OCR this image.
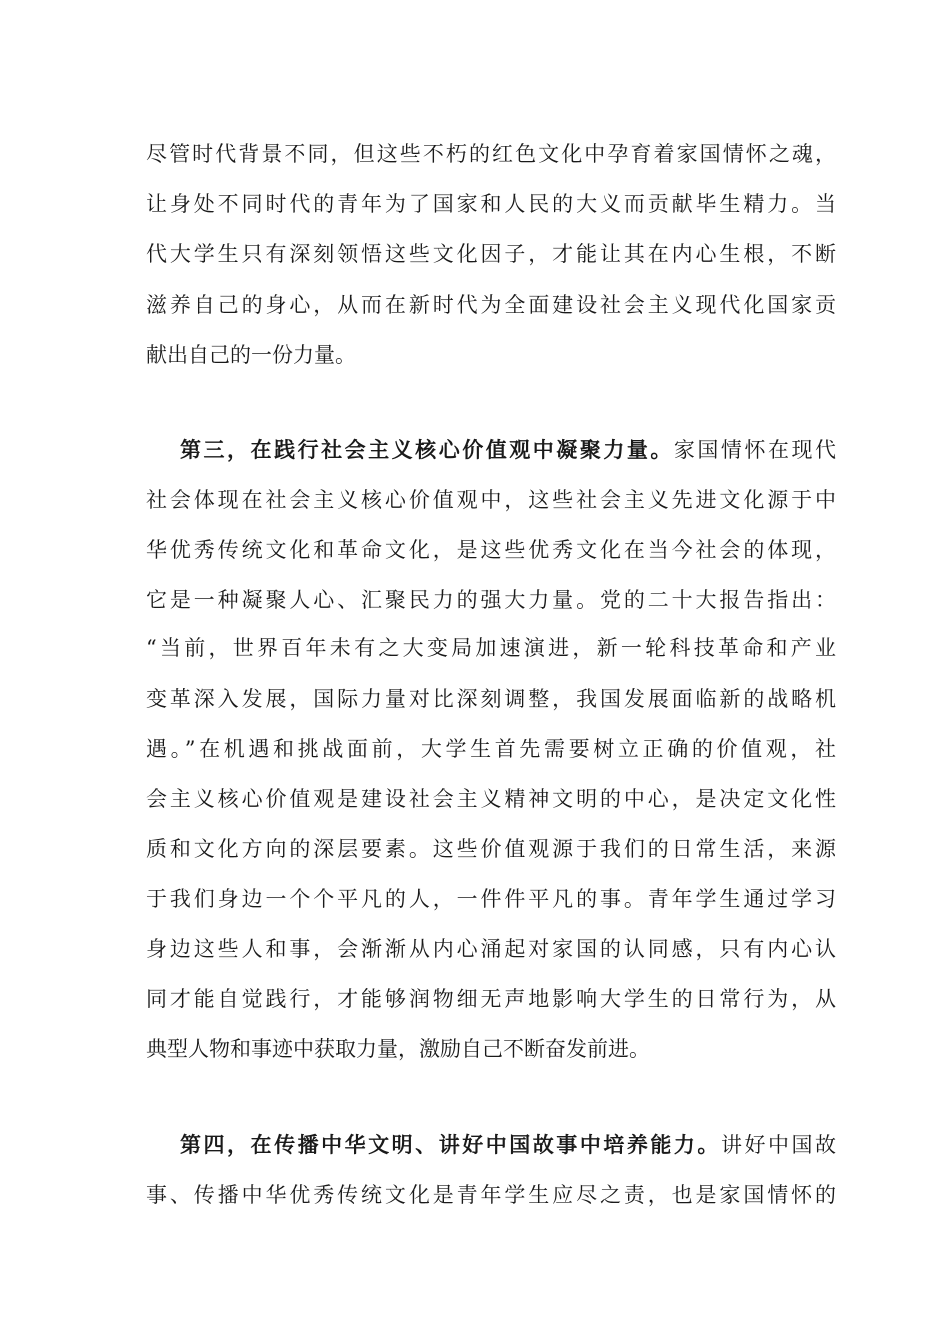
尽管时代背景不同，但这些不朽的红色文化中孕育着家国情怀之魂，
让身处不同时代的青年为了国家和人民的大义而贡献毕生精力。当
代大学生只有深刻领悟这些文化因子，才能让其在内心生根，不断
滋养自己的身心，从而在新时代为全面建设社会主义现代化国家贡
献出自己的一份力量。
第三，在践行社会主义核心价值观中凝聚力量。家国情怀在现代
社会体现在社会主义核心价值观中，这些社会主义先进文化源于中
华优秀传统文化和革命文化，是这些优秀文化在当今社会的体现，
它是一种凝聚人心、汇聚民力的强大力量。党的二十大报告指出：
“当前，世界百年未有之大变局加速演进，新一轮科技革命和产业
变革深入发展，国际力量对比深刻调整，我国发展面临新的战略机
遇。”在机遇和挑战面前，大学生首先需要树立正确的价值观，社
会主义核心价值观是建设社会主义精神文明的中心，是决定文化性
质和文化方向的深层要素。这些价值观源于我们的日常生活，来源
于我们身边一个个平凡的人，一件件平凡的事。青年学生通过学习
身边这些人和事，会渐渐从内心涌起对家国的认同感，只有内心认
同才能自觉践行，才能够润物细无声地影响大学生的日常行为，从
典型人物和事迹中获取力量，激励自己不断奋发前进。
第四，在传播中华文明、讲好中国故事中培养能力。讲好中国故
事、传播中华优秀传统文化是青年学生应尽之责，也是家国情怀的
